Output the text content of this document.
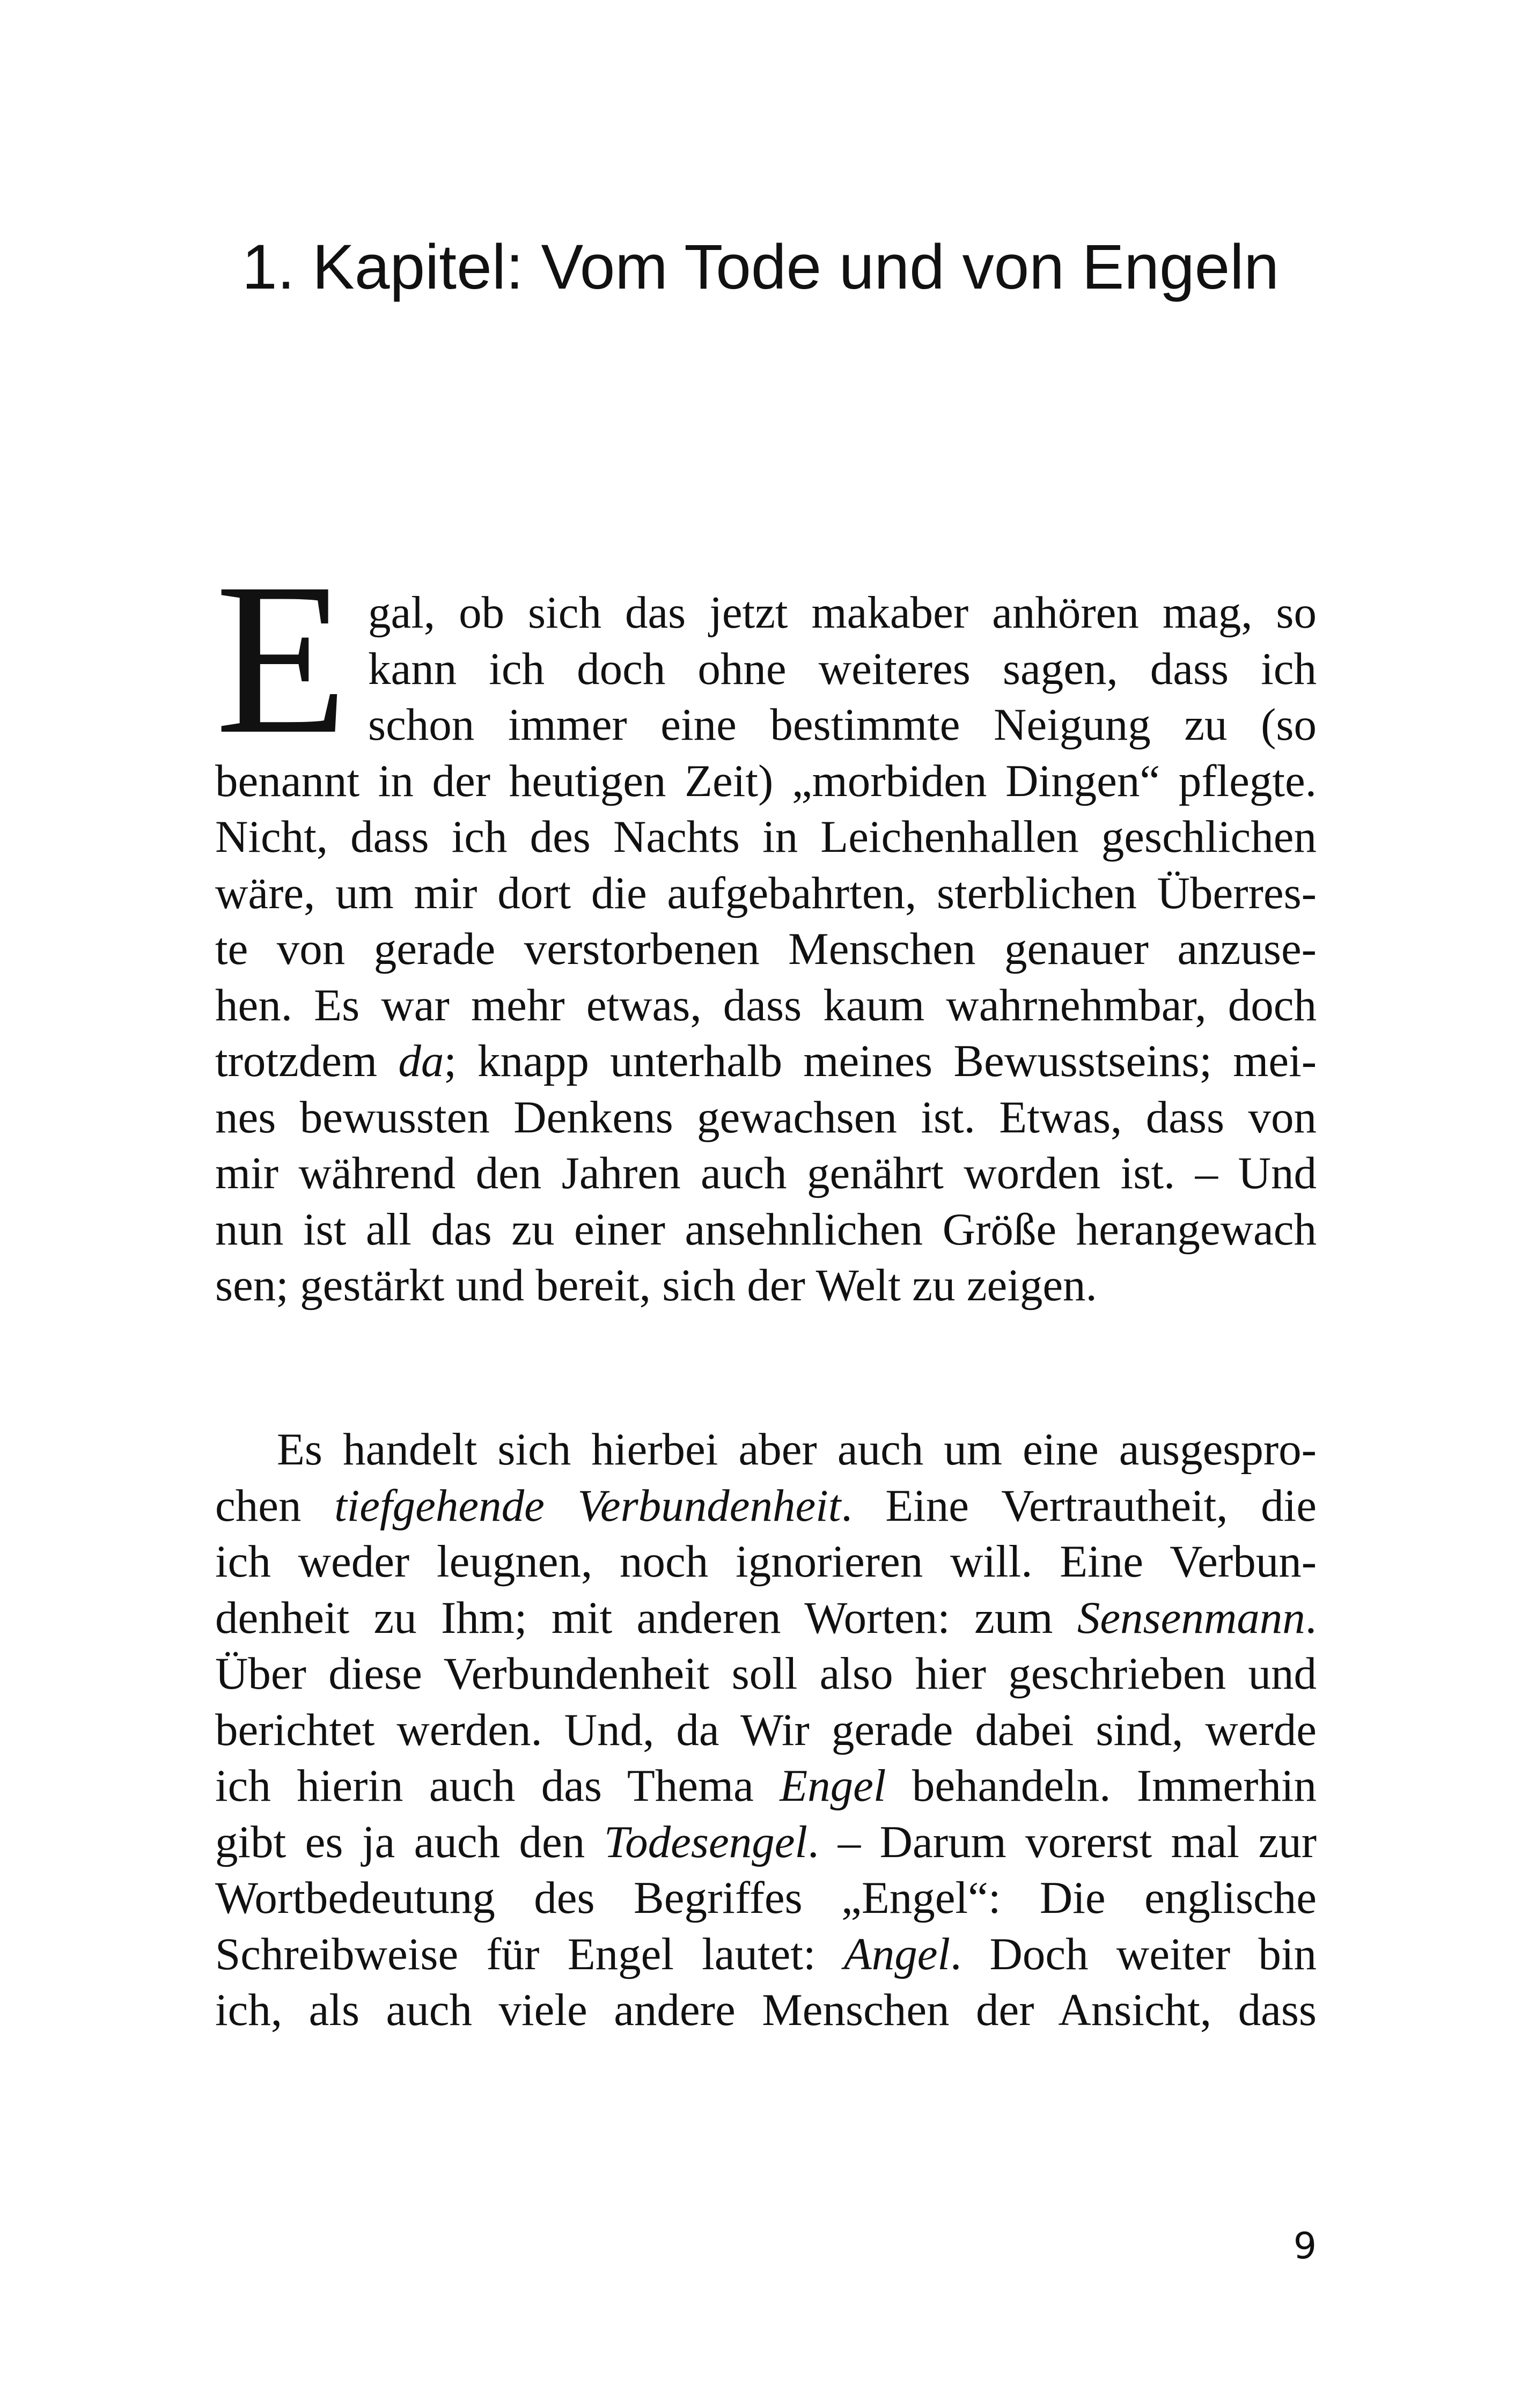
1. Kapitel: Vom Tode und von Engeln
E gal, ob sich das jetzt makaber anhören mag, so
kann ich doch ohne weiteres sagen, dass ich
schon immer eine bestimmte Neigung zu (so
benannt in der heutigen Zeit) „morbiden Dingen“ pflegte.
Nicht, dass ich des Nachts in Leichenhallen geschlichen
wäre, um mir dort die aufgebahrten, sterblichen Überres-
te von gerade verstorbenen Menschen genauer anzuse-
hen. Es war mehr etwas, dass kaum wahrnehmbar, doch
trotzdem da; knapp unterhalb meines Bewusstseins; mei-
nes bewussten Denkens gewachsen ist. Etwas, dass von
mir während den Jahren auch genährt worden ist. – Und
nun ist all das zu einer ansehnlichen Größe herangewach
sen; gestärkt und bereit, sich der Welt zu zeigen.
Es handelt sich hierbei aber auch um eine ausgespro-
chen tiefgehende Verbundenheit. Eine Vertrautheit, die
ich weder leugnen, noch ignorieren will. Eine Verbun-
denheit zu Ihm; mit anderen Worten: zum Sensenmann.
Über diese Verbundenheit soll also hier geschrieben und
berichtet werden. Und, da Wir gerade dabei sind, werde
ich hierin auch das Thema Engel behandeln. Immerhin
gibt es ja auch den Todesengel. – Darum vorerst mal zur
Wortbedeutung des Begriffes „Engel“: Die englische
Schreibweise für Engel lautet: Angel. Doch weiter bin
ich, als auch viele andere Menschen der Ansicht, dass
9
